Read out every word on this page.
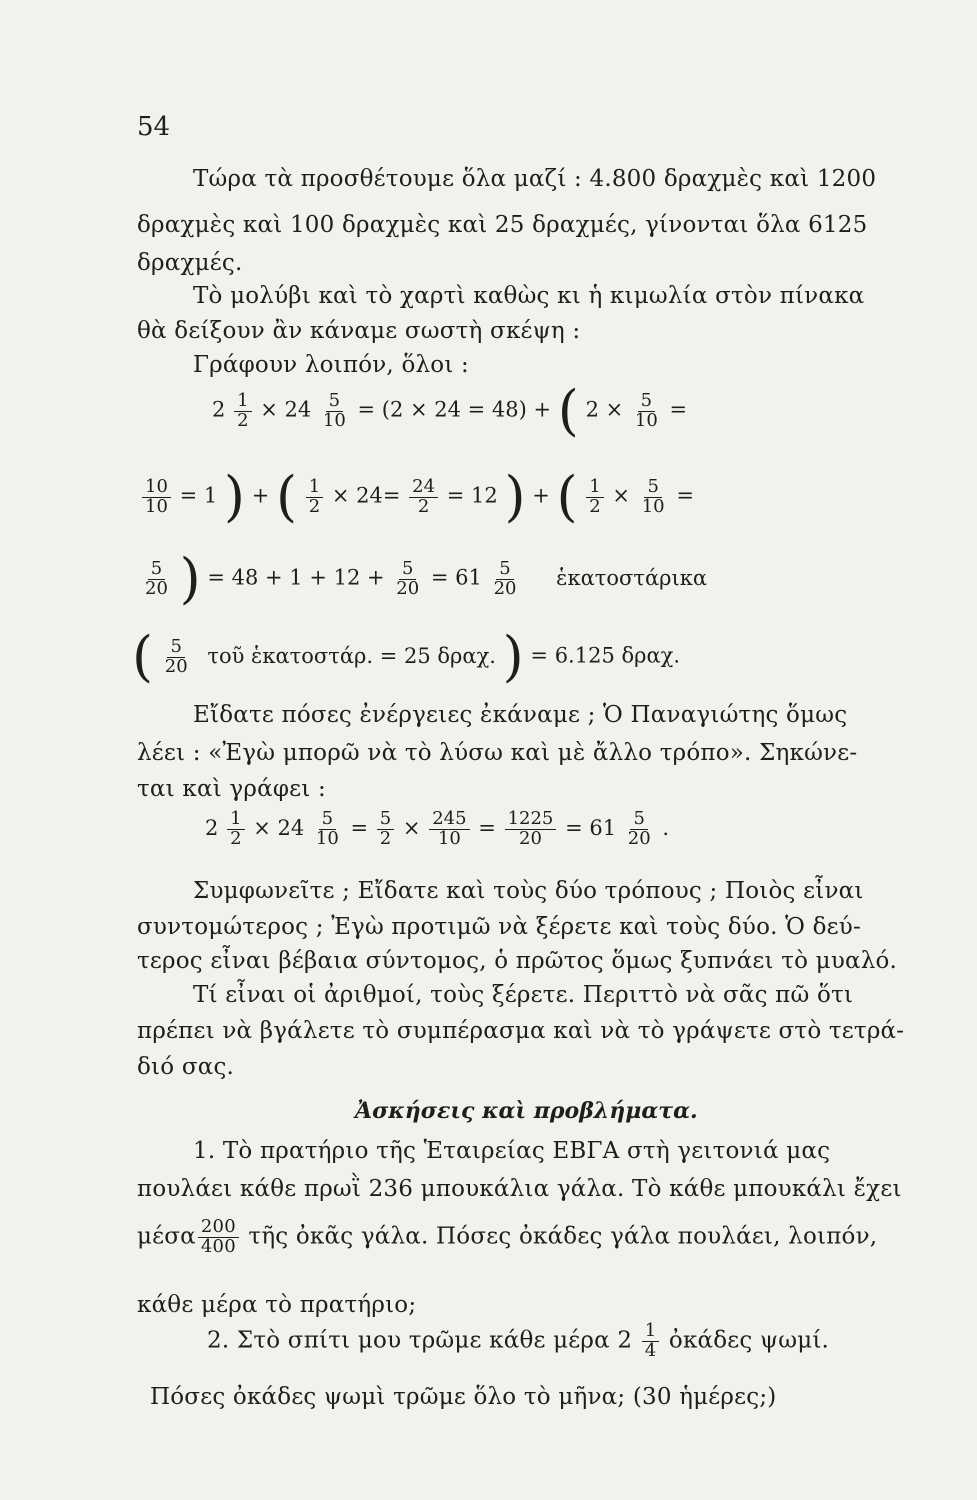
54
Τώρα τὰ προσθέτουμε ὅλα μαζί : 4.800 δραχμὲς καὶ 1200
δραχμὲς καὶ 100 δραχμὲς καὶ 25 δραχμές, γίνονται ὅλα 6125
δραχμές.
Τὸ μολύβι καὶ τὸ χαρτὶ καθὼς κι ἡ κιμωλία στὸν πίνακα
θὰ δείξουν ἂν κάναμε σωστὴ σκέψη :
Γράφουν λοιπόν, ὅλοι :
$2 \frac{1}{2} \times 24 \frac{5}{10} = (2 \times 24 = 48)$ + ( $2 \times \frac{5}{10}$ =
$\frac{10}{10} = 1$ ) + ( $\frac{1}{2} \times 24= \frac{24}{2} = 12$ ) + ( $\frac{1}{2} \times \frac{5}{10}$ =
$\frac{5}{20}$ ) = $48 + 1 + 12 + \frac{5}{20} = 61 \frac{5}{20}$ ἑκατοστάρικα
( $\frac{5}{20}$ τοῦ ἑκατοστάρ. = 25 δραχ. ) = 6.125 δραχ.
Εἴδατε πόσες ἐνέργειες ἐκάναμε ; Ὁ Παναγιώτης ὅμως
λέει : «Ἐγὼ μπορῶ νὰ τὸ λύσω καὶ μὲ ἄλλο τρόπο». Σηκώνε-
ται καὶ γράφει :
$2 \frac{1}{2} \times 24 \frac{5}{10} = \frac{5}{2} \times \frac{245}{10} = \frac{1225}{20} = 61 \frac{5}{20}$ .
Συμφωνεῖτε ; Εἴδατε καὶ τοὺς δύο τρόπους ; Ποιὸς εἶναι
συντομώτερος ; Ἐγὼ προτιμῶ νὰ ξέρετε καὶ τοὺς δύο. Ὁ δεύ-
τερος εἶναι βέβαια σύντομος, ὁ πρῶτος ὅμως ξυπνάει τὸ μυαλό.
Τί εἶναι οἱ ἀριθμοί, τοὺς ξέρετε. Περιττὸ νὰ σᾶς πῶ ὅτι
πρέπει νὰ βγάλετε τὸ συμπέρασμα καὶ νὰ τὸ γράψετε στὸ τετρά-
διό σας.
Ἀσκήσεις καὶ προβλήματα.
1. Τὸ πρατήριο τῆς Ἑταιρείας ΕΒΓΑ στὴ γειτονιά μας
πουλάει κάθε πρωῒ 236 μπουκάλια γάλα. Τὸ κάθε μπουκάλι ἔχει
μέσα $\frac{200}{400}$ τῆς ὀκᾶς γάλα. Πόσες ὀκάδες γάλα πουλάει, λοιπόν,
κάθε μέρα τὸ πρατήριο;
2. Στὸ σπίτι μου τρῶμε κάθε μέρα $2 \frac{1}{4}$ ὀκάδες ψωμί.
Πόσες ὀκάδες ψωμὶ τρῶμε ὅλο τὸ μῆνα; (30 ἡμέρες;)
